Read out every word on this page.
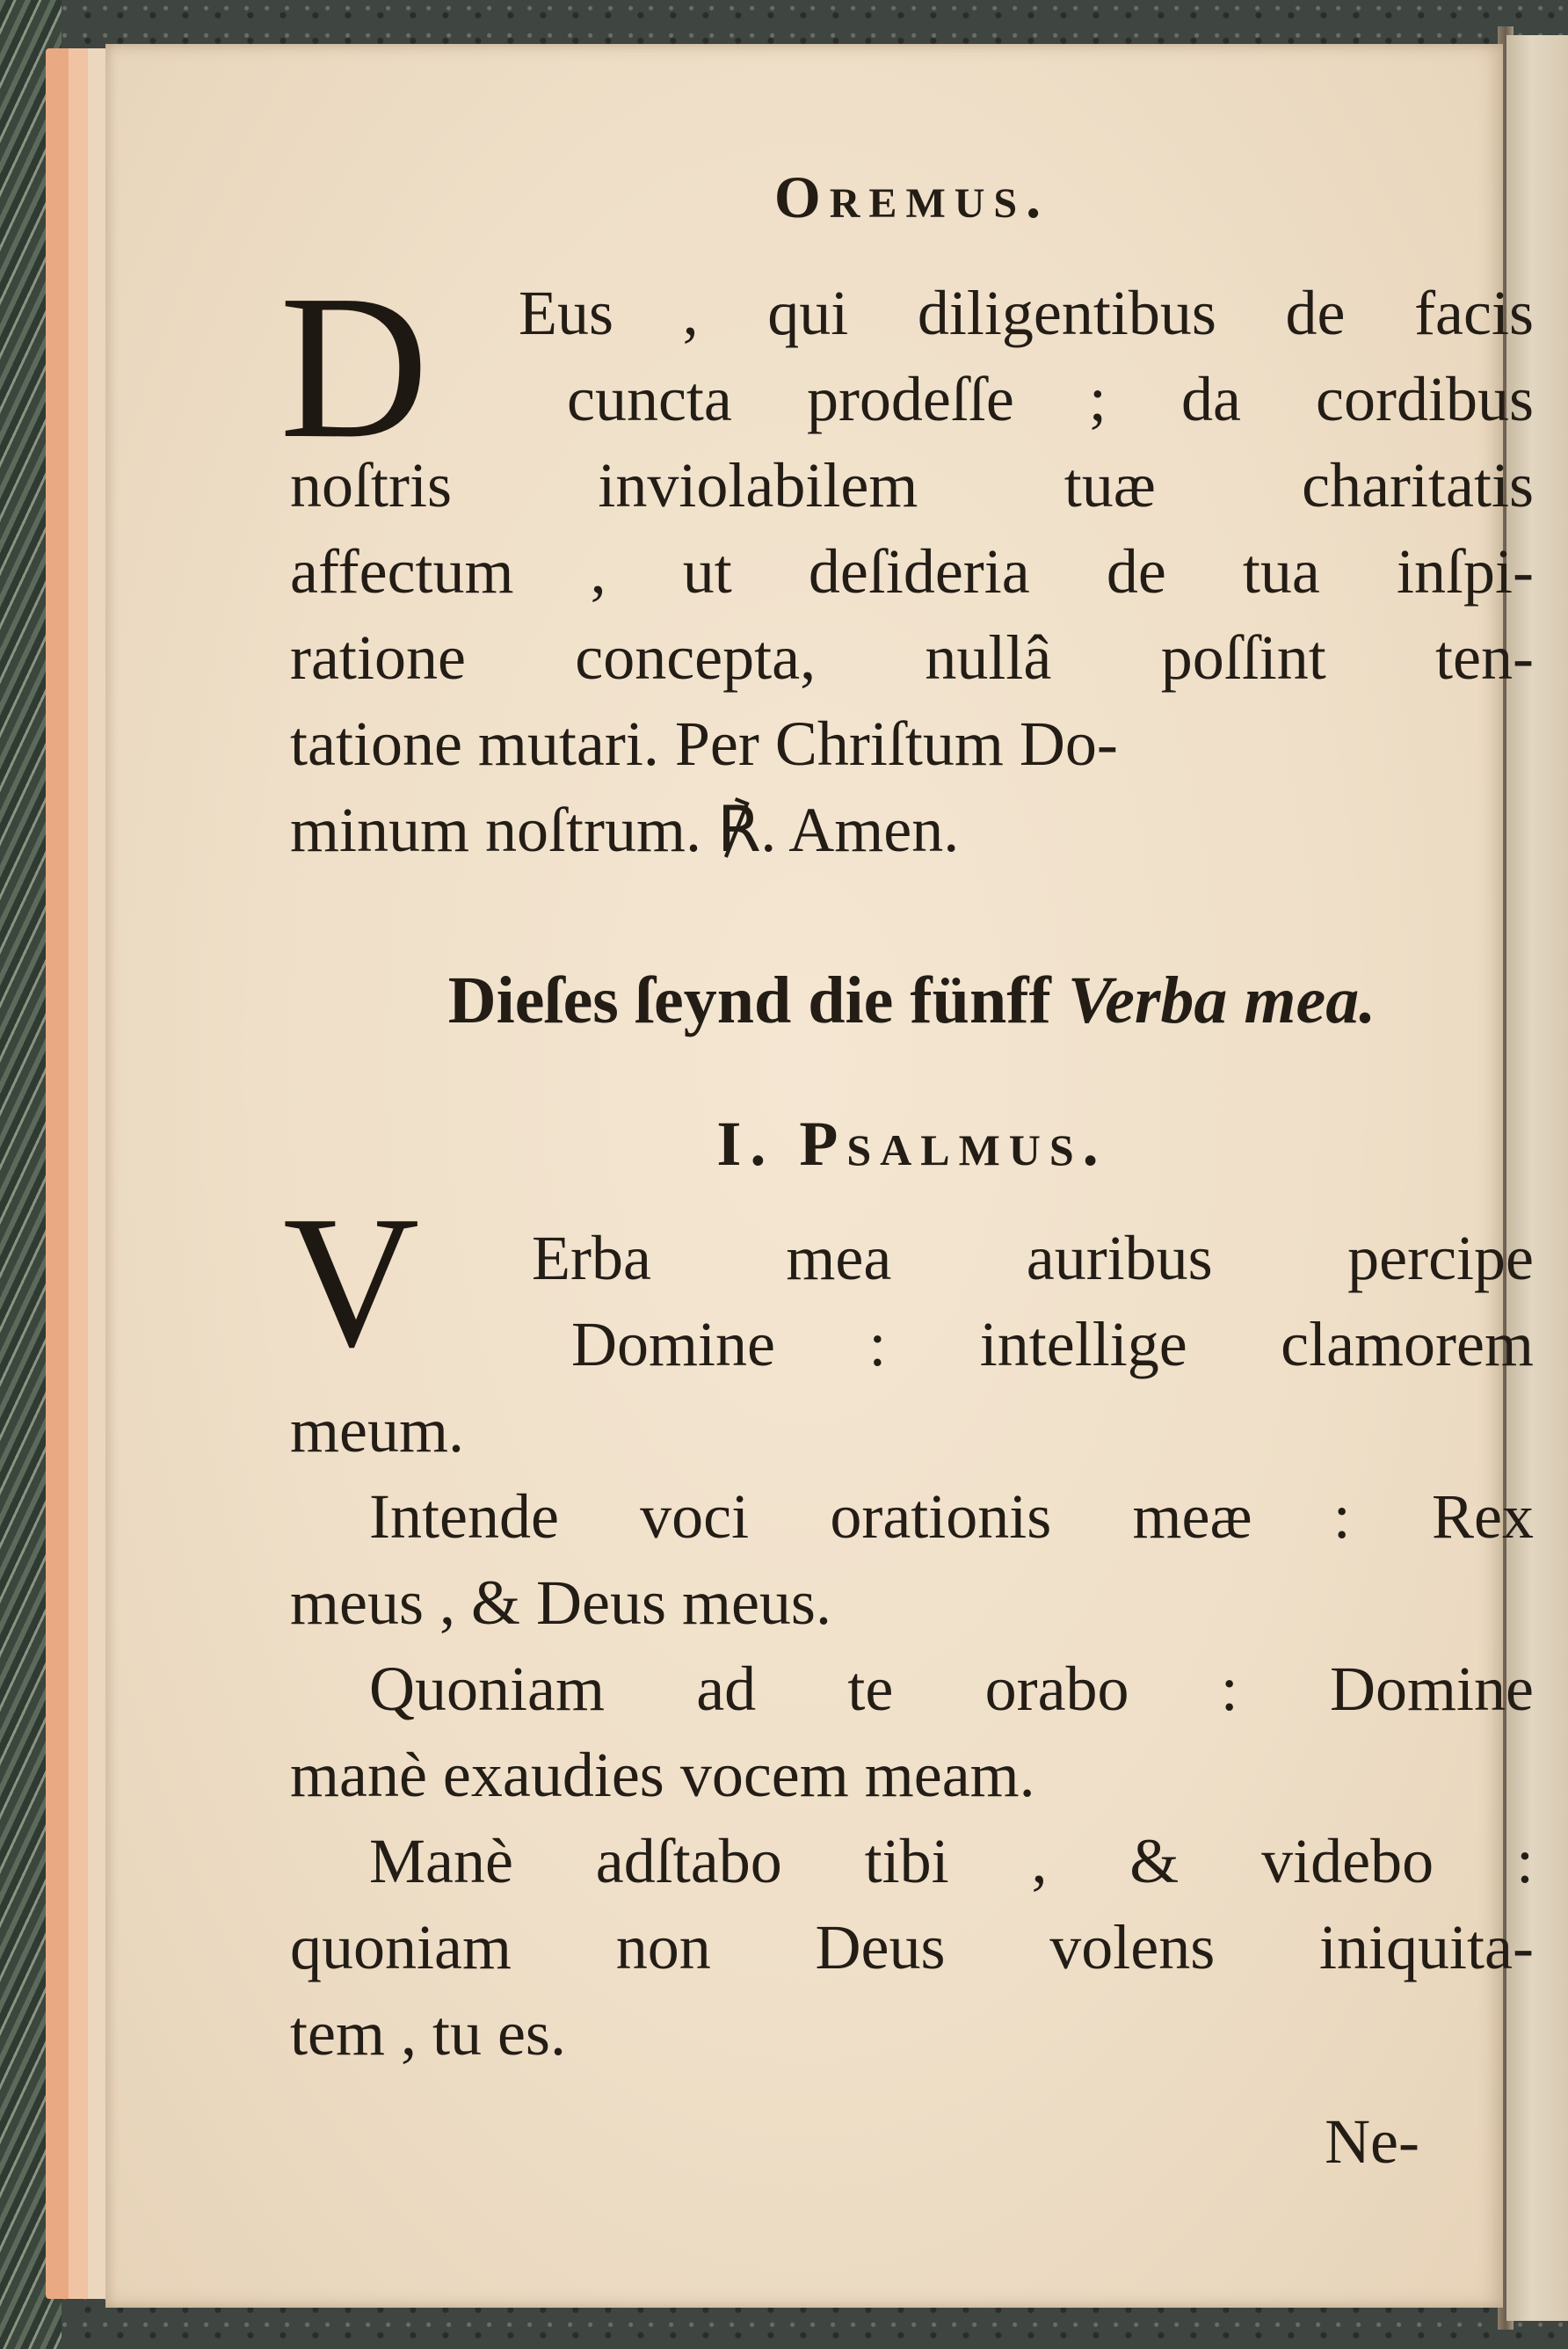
Oremus.
D Eus , qui diligentibus de facis
cuncta prodeſſe ; da cordibus
noſtris inviolabilem tuæ charitatis
affectum , ut deſideria de tua inſpi-
ratione concepta, nullâ poſſint ten-
tatione mutari. Per Chriſtum Do-
minum noſtrum. ℟. Amen.
Dieſes ſeynd die fünff Verba mea.
I. Psalmus.
V Erba mea auribus percipe
Domine : intellige clamorem
meum.
Intende voci orationis meæ : Rex
meus , & Deus meus.
Quoniam ad te orabo : Domine
manè exaudies vocem meam.
Manè adſtabo tibi , & videbo :
quoniam non Deus volens iniquita-
tem , tu es.
Ne-
